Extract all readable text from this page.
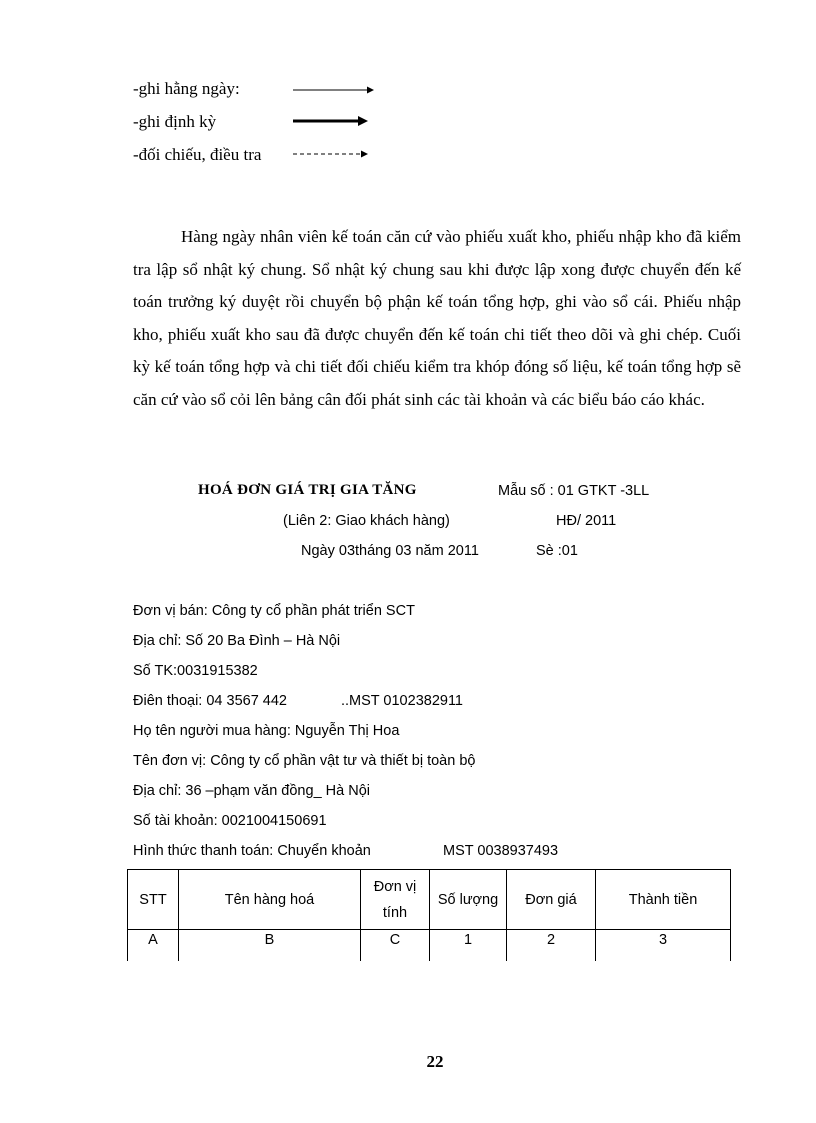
-ghi hằng ngày:
-ghi định kỳ
-đối chiếu, điều tra

Hàng ngày nhân viên kế toán căn cứ vào phiếu xuất kho, phiếu nhập kho đã kiểm tra lập sổ nhật ký chung. Sổ nhật ký chung sau khi được lập xong được chuyển đến kế toán trưởng ký duyệt rồi chuyển bộ phận kế toán tổng hợp, ghi vào sổ cái. Phiếu nhập kho, phiếu xuất kho sau đã được chuyển đến kế toán chi tiết theo dõi và ghi chép. Cuối kỳ kế toán tổng hợp và chi tiết đối chiếu kiểm tra khóp đóng số liệu, kế toán tổng hợp sẽ căn cứ vào sổ cỏi lên bảng cân đối phát sinh các tài khoản và các biểu báo cáo khác.

HOÁ ĐƠN GIÁ TRỊ GIA TĂNG	Mẫu số : 01 GTKT -3LL
(Liên 2: Giao khách hàng)	HĐ/ 2011
Ngày 03tháng 03 năm 2011	Sè :01
Đơn vị bán: Công ty cổ phần phát triển SCT
Địa chỉ: Số 20 Ba Đình – Hà Nội
Số TK:0031915382
Điên thoại: 04 3567 442	..MST 0102382911
Họ tên người mua hàng: Nguyễn Thị Hoa
Tên đơn vị: Công ty cổ phần vật tư và thiết bị toàn bộ
Địa chỉ: 36 –phạm văn đồng_ Hà Nội
Số tài khoản: 0021004150691
Hình thức thanh toán: Chuyển khoản	MST 0038937493
STT	Tên hàng hoá	Đơn vị tính	Số lượng	Đơn giá	Thành tiền
A	B	C	1	2	3
22
